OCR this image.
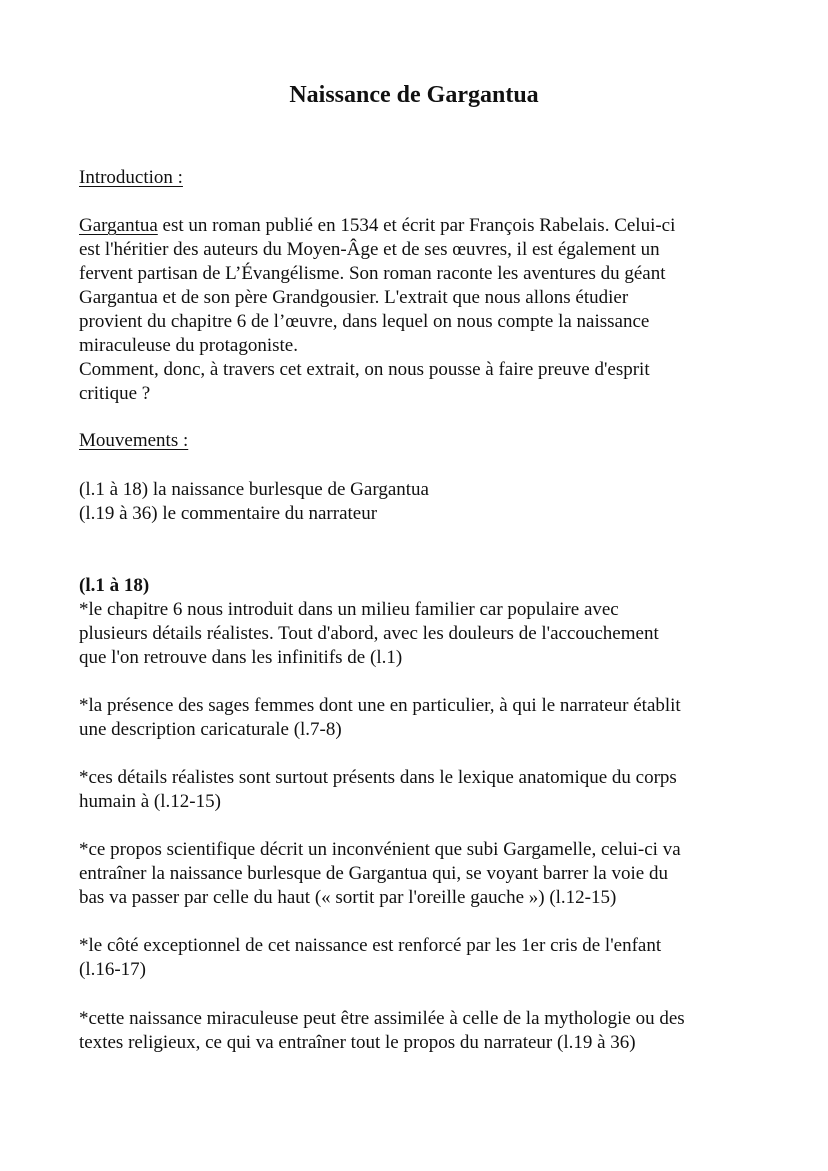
Naissance de Gargantua

Introduction :

Gargantua est un roman publié en 1534 et écrit par François Rabelais. Celui-ci
est l'héritier des auteurs du Moyen-Âge et de ses œuvres, il est également un
fervent partisan de L’Évangélisme. Son roman raconte les aventures du géant
Gargantua et de son père Grandgousier. L'extrait que nous allons étudier
provient du chapitre 6 de l’œuvre, dans lequel on nous compte la naissance
miraculeuse du protagoniste.
Comment, donc, à travers cet extrait, on nous pousse à faire preuve d'esprit
critique ?

Mouvements :

(l.1 à 18) la naissance burlesque de Gargantua
(l.19 à 36) le commentaire du narrateur

(l.1 à 18)

*le chapitre 6 nous introduit dans un milieu familier car populaire avec
plusieurs détails réalistes. Tout d'abord, avec les douleurs de l'accouchement
que l'on retrouve dans les infinitifs de (l.1)
*la présence des sages femmes dont une en particulier, à qui le narrateur établit
une description caricaturale (l.7-8)
*ces détails réalistes sont surtout présents dans le lexique anatomique du corps
humain à (l.12-15)
*ce propos scientifique décrit un inconvénient que subi Gargamelle, celui-ci va
entraîner la naissance burlesque de Gargantua qui, se voyant barrer la voie du
bas va passer par celle du haut (« sortit par l'oreille gauche ») (l.12-15)
*le côté exceptionnel de cet naissance est renforcé par les 1er cris de l'enfant
(l.16-17)
*cette naissance miraculeuse peut être assimilée à celle de la mythologie ou des
textes religieux, ce qui va entraîner tout le propos du narrateur (l.19 à 36)
